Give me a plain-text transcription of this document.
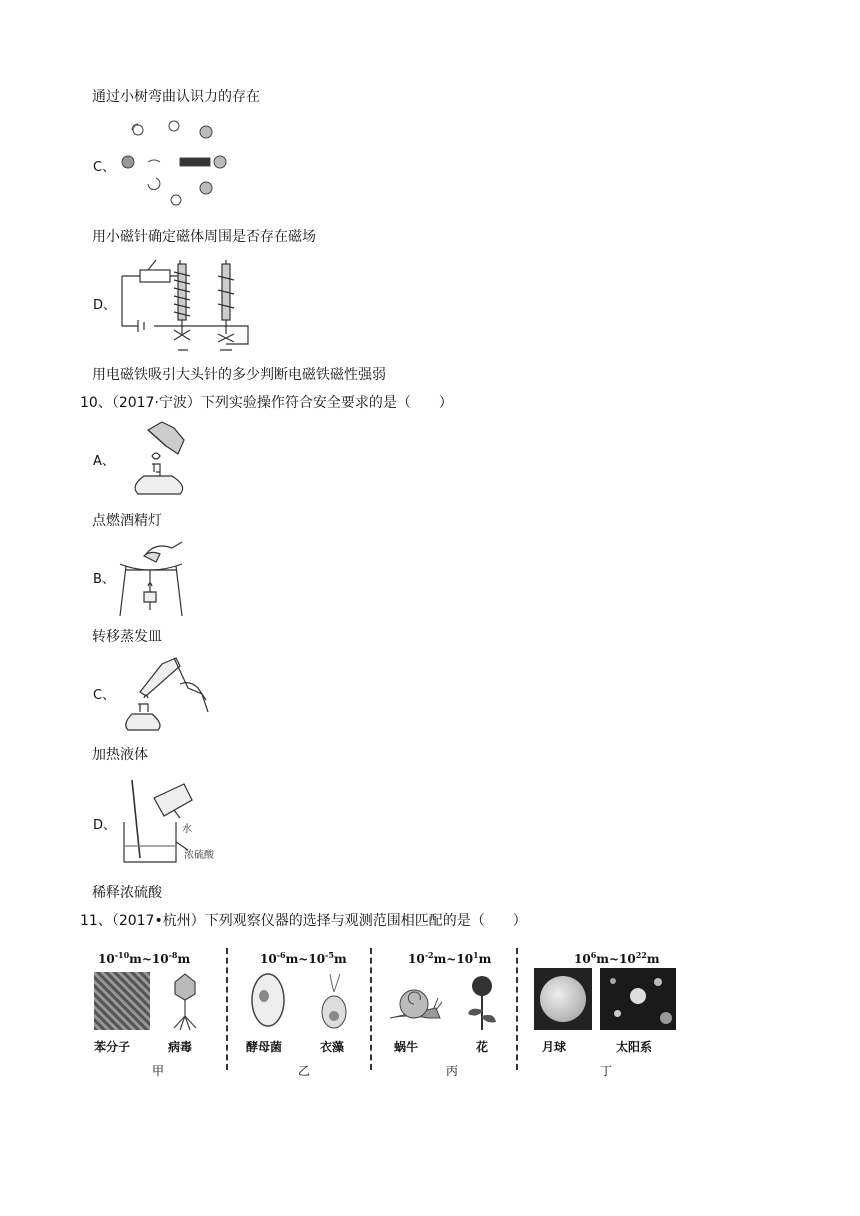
通过小树弯曲认识力的存在
C、
用小磁针确定磁体周围是否存在磁场
D、
用电磁铁吸引大头针的多少判断电磁铁磁性强弱
10、（2017·宁波）下列实验操作符合安全要求的是（　　）
A、
点燃酒精灯
B、
转移蒸发皿
C、
加热液体
D、	水
浓硫酸
稀释浓硫酸
11、（2017•杭州）下列观察仪器的选择与观测范围相匹配的是（　　）
$10^{-10}m\sim 10^{-8}m$
苯分子	病毒
甲
$10^{-6}m\sim 10^{-5}m$
酵母菌	衣藻
乙
$10^{-2}m\sim 10^1m$
蜗牛	花
丙
$10^6m\sim 10^{22}m$
月球	太阳系
丁
